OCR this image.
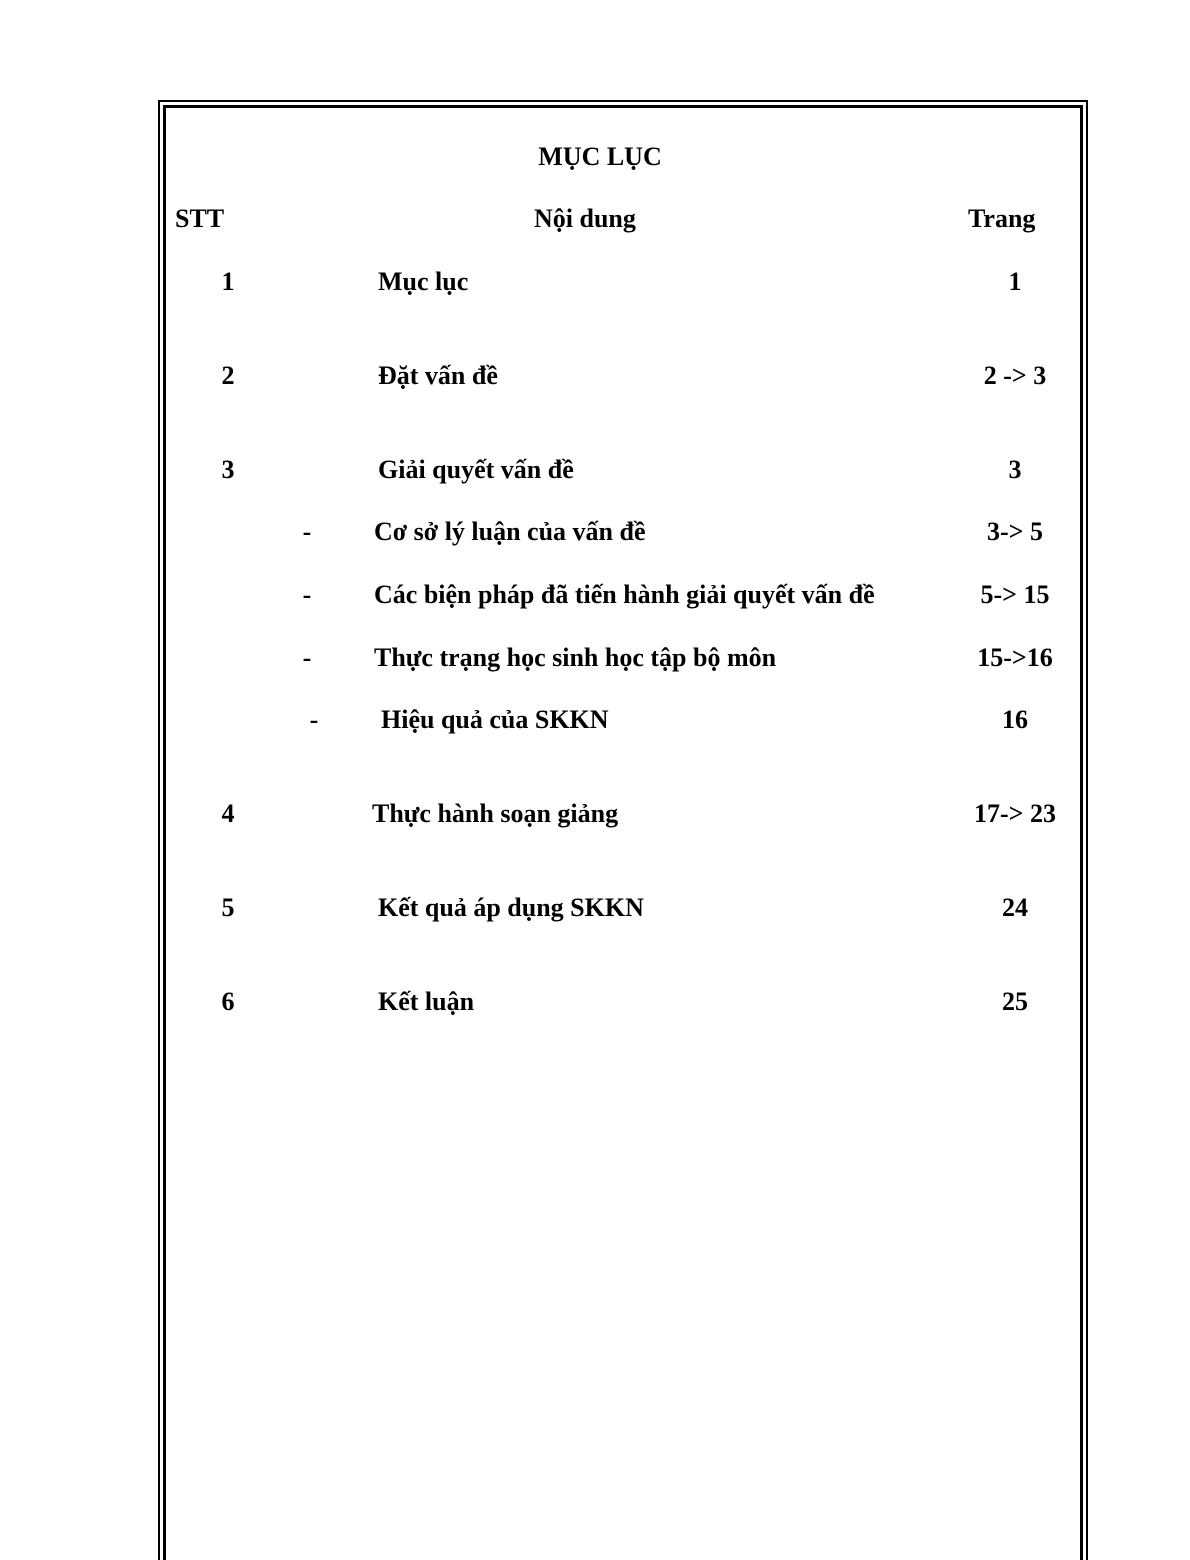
MỤC LỤC
STT	Nội dung	Trang
1	Mục lục	1
2	Đặt vấn đề	2 -> 3
3	Giải quyết vấn đề	3
- Cơ sở lý luận của vấn đề	3-> 5
- Các biện pháp đã tiến hành giải quyết vấn đề	5-> 15
- Thực trạng học sinh học tập bộ môn	15->16
- Hiệu quả của SKKN	16
4	Thực hành soạn giảng	17-> 23
5	Kết quả áp dụng SKKN	24
6	Kết luận	25
